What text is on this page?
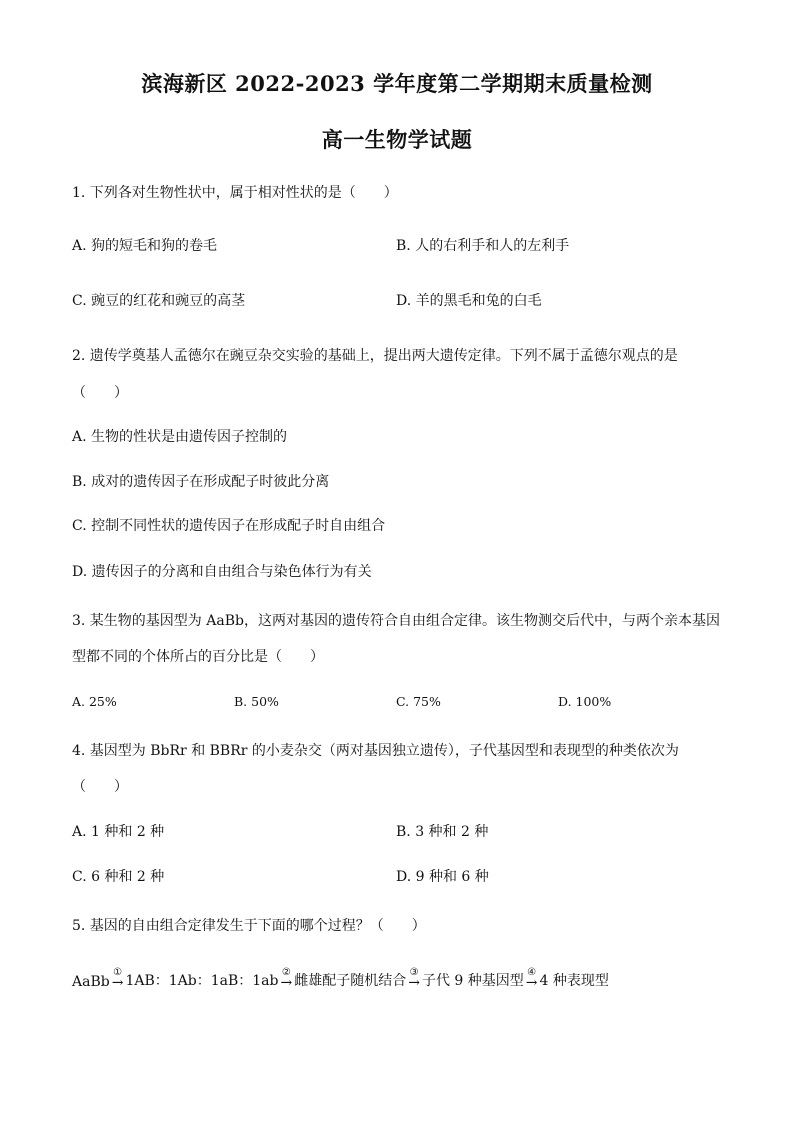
滨海新区 2022-2023 学年度第二学期期末质量检测
高一生物学试题
1. 下列各对生物性状中，属于相对性状的是（　　）
A. 狗的短毛和狗的卷毛	B. 人的右利手和人的左利手
C. 豌豆的红花和豌豆的高茎	D. 羊的黑毛和兔的白毛
2. 遗传学奠基人孟德尔在豌豆杂交实验的基础上，提出两大遗传定律。下列不属于孟德尔观点的是
（　　）
A. 生物的性状是由遗传因子控制的
B. 成对的遗传因子在形成配子时彼此分离
C. 控制不同性状的遗传因子在形成配子时自由组合
D. 遗传因子的分离和自由组合与染色体行为有关
3. 某生物的基因型为 AaBb，这两对基因的遗传符合自由组合定律。该生物测交后代中，与两个亲本基因
型都不同的个体所占的百分比是（　　）
A. 25%	B. 50%	C. 75%	D. 100%
4. 基因型为 BbRr 和 BBRr 的小麦杂交（两对基因独立遗传），子代基因型和表现型的种类依次为
（　　）
A. 1 种和 2 种	B. 3 种和 2 种
C. 6 种和 2 种	D. 9 种和 6 种
5. 基因的自由组合定律发生于下面的哪个过程？（　　）
AaBb
①
→ 1AB：1Ab：1aB：1ab
②
→ 雌雄配子随机结合
③
→ 子代 9 种基因型
④
→ 4 种表现型
